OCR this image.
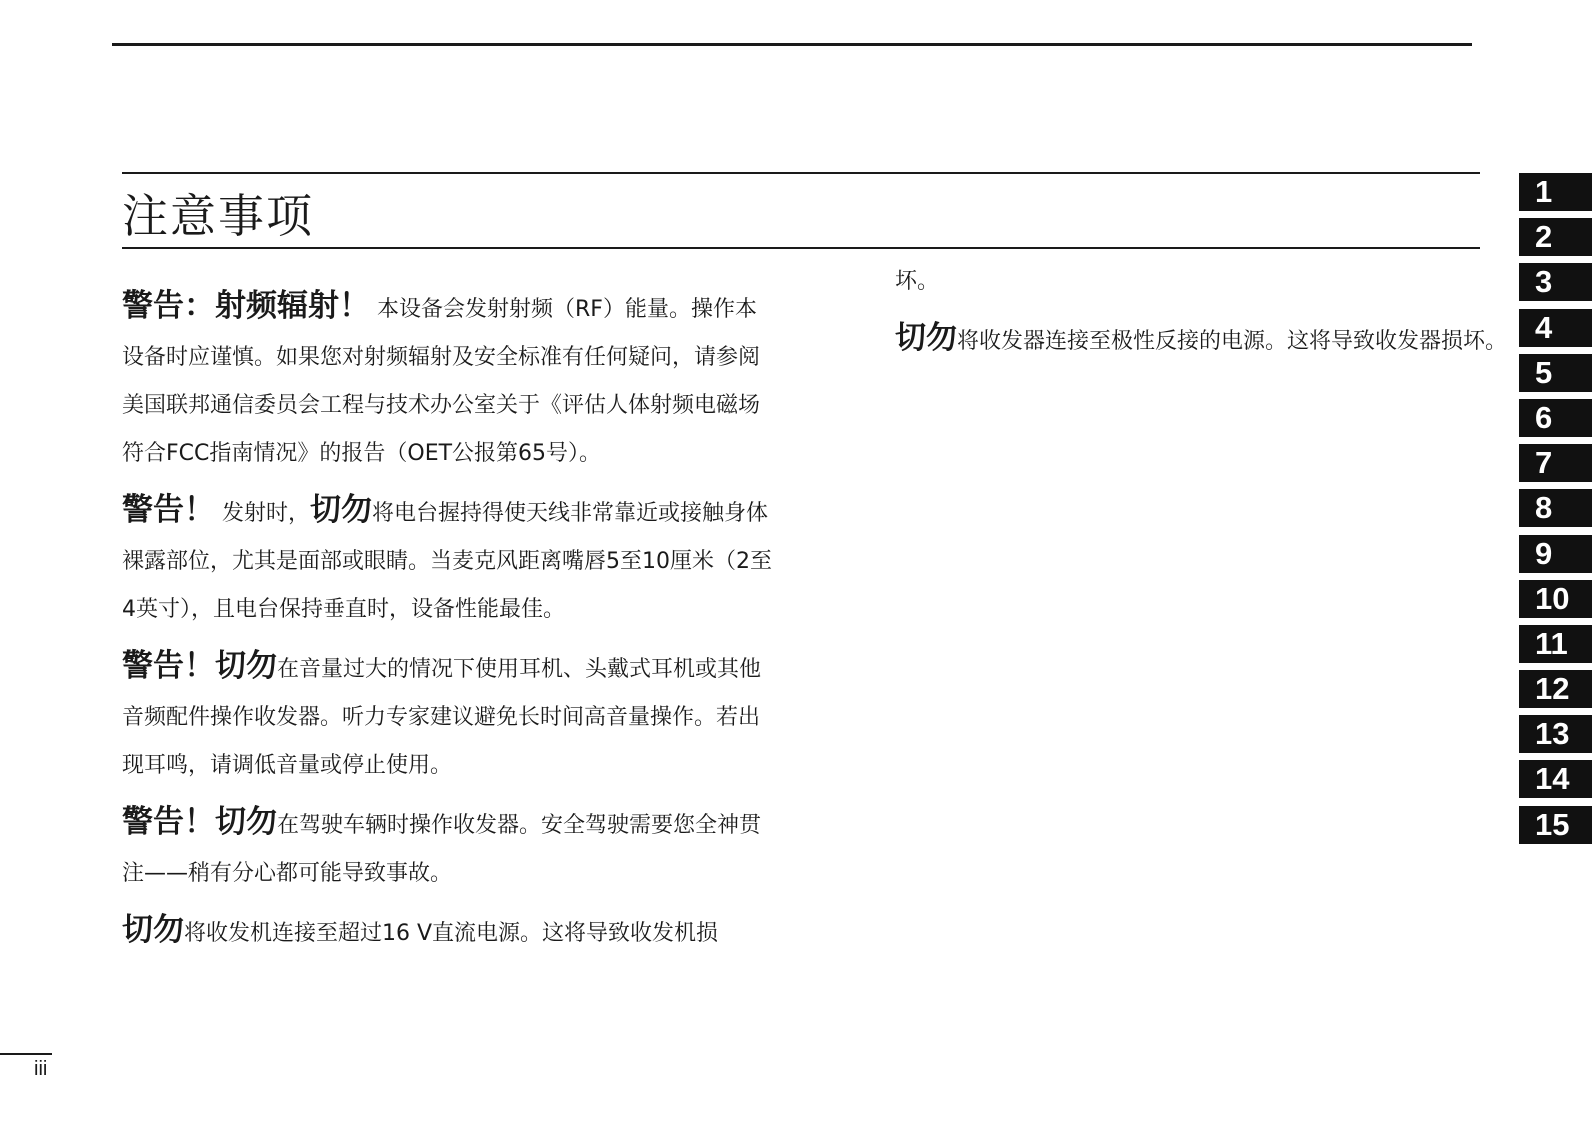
注意事项

警告：射频辐射！ 本设备会发射射频（RF）能量。操作本设备时应谨慎。如果您对射频辐射及安全标准有任何疑问，请参阅美国联邦通信委员会工程与技术办公室关于《评估人体射频电磁场符合FCC指南情况》的报告（OET公报第65号）。

警告！ 发射时，切勿将电台握持得使天线非常靠近或接触身体裸露部位，尤其是面部或眼睛。当麦克风距离嘴唇5至10厘米（2至4英寸），且电台保持垂直时，设备性能最佳。

警告！切勿在音量过大的情况下使用耳机、头戴式耳机或其他音频配件操作收发器。听力专家建议避免长时间高音量操作。若出现耳鸣，请调低音量或停止使用。

警告！切勿在驾驶车辆时操作收发器。安全驾驶需要您全神贯注——稍有分心都可能导致事故。

切勿将收发机连接至超过16 V直流电源。这将导致收发机损

坏。

切勿将收发器连接至极性反接的电源。这将导致收发器损坏。

1
2
3
4
5
6
7
8
9
10
11
12
13
14
15
iii
